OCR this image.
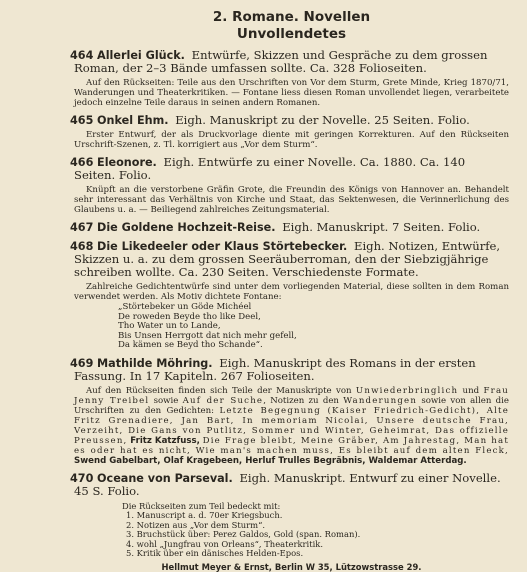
2. Romane. Novellen
Unvollendetes
464 Allerlei Glück. Entwürfe, Skizzen und Gespräche zu dem grossen Roman, der 2–3 Bände umfassen sollte. Ca. 328 Folioseiten.
Auf den Rückseiten: Teile aus den Urschriften von Vor dem Sturm, Grete Minde, Krieg 1870/71, Wanderungen und Theaterkritiken. — Fontane liess diesen Roman unvollendet liegen, verarbeitete jedoch einzelne Teile daraus in seinen andern Romanen.
465 Onkel Ehm. Eigh. Manuskript zu der Novelle. 25 Seiten. Folio.
Erster Entwurf, der als Druckvorlage diente mit geringen Korrekturen. Auf den Rückseiten Urschrift-Szenen, z. Tl. korrigiert aus „Vor dem Sturm“.
466 Eleonore. Eigh. Entwürfe zu einer Novelle. Ca. 1880. Ca. 140 Seiten. Folio.
Knüpft an die verstorbene Gräfin Grote, die Freundin des Königs von Hannover an. Behandelt sehr interessant das Verhältnis von Kirche und Staat, das Sektenwesen, die Verinnerlichung des Glaubens u. a. — Beiliegend zahlreiches Zeitungsmaterial.
467 Die Goldene Hochzeit-Reise. Eigh. Manuskript. 7 Seiten. Folio.
468 Die Likedeeler oder Klaus Störtebecker. Eigh. Notizen, Entwürfe, Skizzen u. a. zu dem grossen Seeräuberroman, den der Siebzigjährige schreiben wollte. Ca. 230 Seiten. Verschiedenste Formate.
Zahlreiche Gedichtentwürfe sind unter dem vorliegenden Material, diese sollten in dem Roman verwendet werden. Als Motiv dichtete Fontane:
„Störtebeker un Göde Michéel
De roweden Beyde tho like Deel,
Tho Water un to Lande,
Bis Unsen Herrgott dat nich mehr gefell,
Da kämen se Beyd tho Schande“.
469 Mathilde Möhring. Eigh. Manuskript des Romans in der ersten Fassung. In 17 Kapiteln. 267 Folioseiten.
Auf den Rückseiten finden sich Teile der Manuskripte von Unwiederbringlich und Frau Jenny Treibel sowie Auf der Suche, Notizen zu den Wanderungen sowie von allen die Urschriften zu den Gedichten: Letzte Begegnung (Kaiser Friedrich-Gedicht), Alte Fritz Grenadiere, Jan Bart, In memoriam Nicolai, Unsere deutsche Frau, Verzeiht, Die Gans von Putlitz, Sommer und Winter, Geheimrat, Das offizielle Preussen, Fritz Katzfuss, Die Frage bleibt, Meine Gräber, Am Jahrestag, Man hat es oder hat es nicht, Wie man's machen muss, Es bleibt auf dem alten Fleck, Swend Gabelbart, Olaf Kragebeen, Herluf Trulles Begräbnis, Waldemar Atterdag.
470 Oceane von Parseval. Eigh. Manuskript. Entwurf zu einer Novelle. 45 S. Folio.
Die Rückseiten zum Teil bedeckt mit:
1. Manuscript a. d. 70er Kriegsbuch.
2. Notizen aus „Vor dem Sturm“.
3. Bruchstück über: Perez Galdos, Gold (span. Roman).
4. wohl „Jungfrau von Orleans“, Theaterkritik.
5. Kritik über ein dänisches Helden-Epos.
Hellmut Meyer & Ernst, Berlin W 35, Lützowstrasse 29.
